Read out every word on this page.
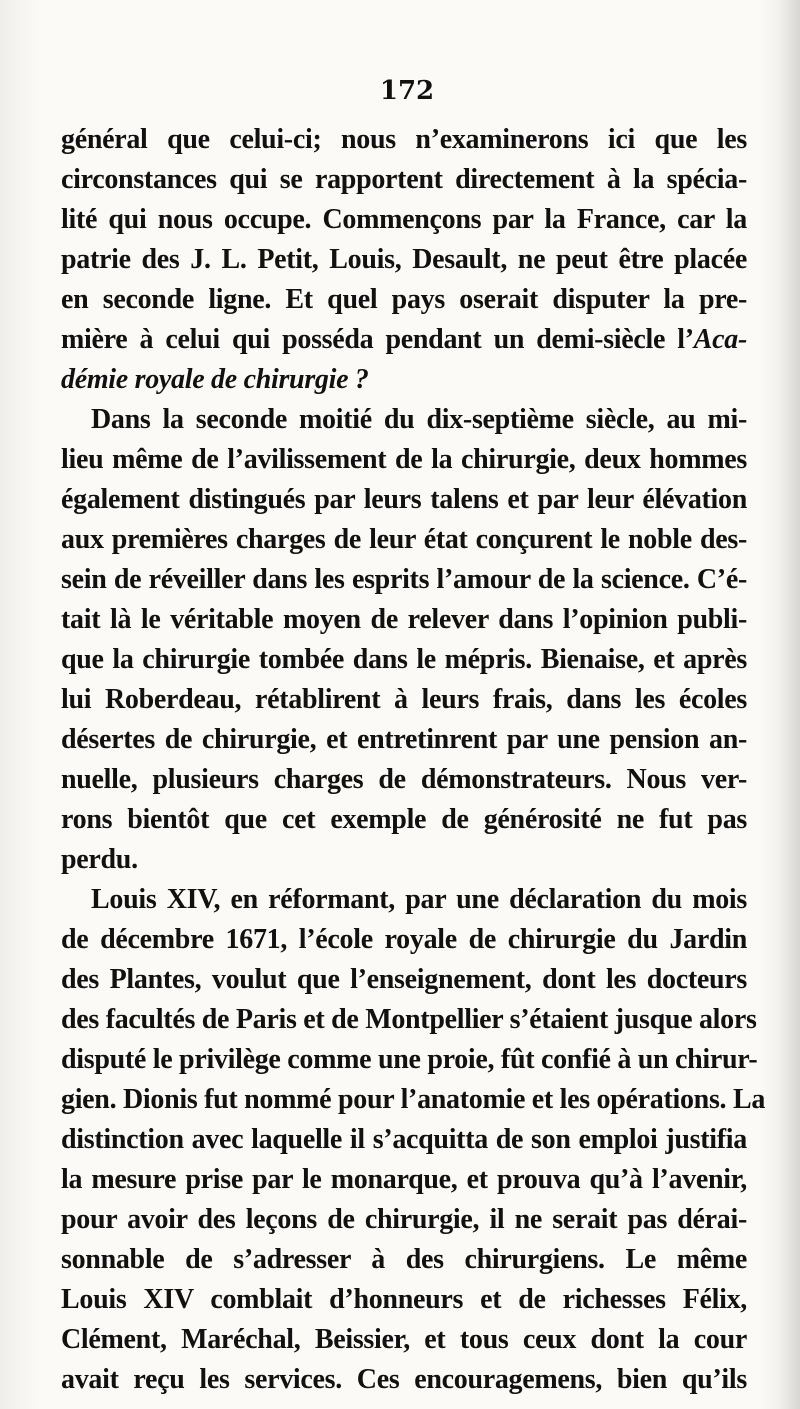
172
général que celui-ci; nous n’examinerons ici que les
circonstances qui se rapportent directement à la spécia-
lité qui nous occupe. Commençons par la France, car la
patrie des J. L. Petit, Louis, Desault, ne peut être placée
en seconde ligne. Et quel pays oserait disputer la pre-
mière à celui qui posséda pendant un demi-siècle l’Aca-
démie royale de chirurgie ?
Dans la seconde moitié du dix-septième siècle, au mi-
lieu même de l’avilissement de la chirurgie, deux hommes
également distingués par leurs talens et par leur élévation
aux premières charges de leur état conçurent le noble des-
sein de réveiller dans les esprits l’amour de la science. C’é-
tait là le véritable moyen de relever dans l’opinion publi-
que la chirurgie tombée dans le mépris. Bienaise, et après
lui Roberdeau, rétablirent à leurs frais, dans les écoles
désertes de chirurgie, et entretinrent par une pension an-
nuelle, plusieurs charges de démonstrateurs. Nous ver-
rons bientôt que cet exemple de générosité ne fut pas
perdu.
Louis XIV, en réformant, par une déclaration du mois
de décembre 1671, l’école royale de chirurgie du Jardin
des Plantes, voulut que l’enseignement, dont les docteurs
des facultés de Paris et de Montpellier s’étaient jusque alors
disputé le privilège comme une proie, fût confié à un chirur-
gien. Dionis fut nommé pour l’anatomie et les opérations. La
distinction avec laquelle il s’acquitta de son emploi justifia
la mesure prise par le monarque, et prouva qu’à l’avenir,
pour avoir des leçons de chirurgie, il ne serait pas dérai-
sonnable de s’adresser à des chirurgiens. Le même
Louis XIV comblait d’honneurs et de richesses Félix,
Clément, Maréchal, Beissier, et tous ceux dont la cour
avait reçu les services. Ces encouragemens, bien qu’ils
